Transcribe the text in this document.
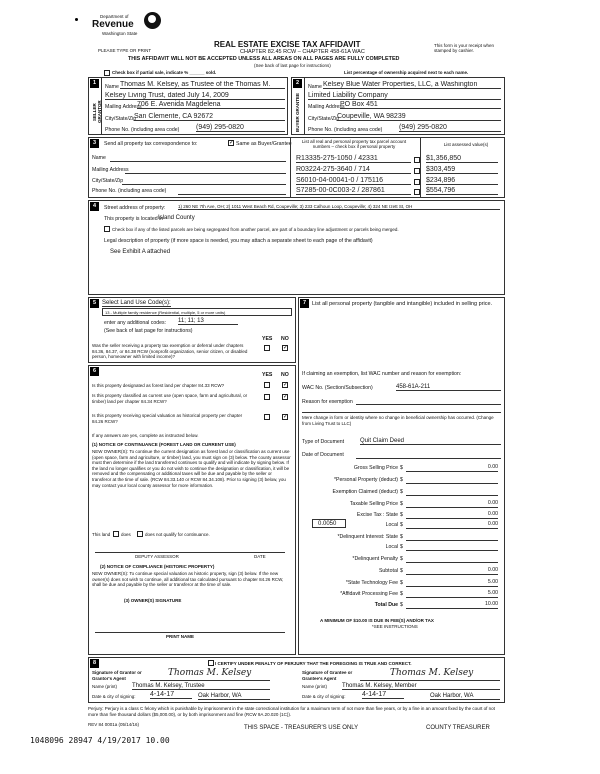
Department of
Revenue
Washington State
REAL ESTATE EXCISE TAX AFFIDAVIT
CHAPTER 82.45 RCW – CHAPTER 458-61A WAC
THIS AFFIDAVIT WILL NOT BE ACCEPTED UNLESS ALL AREAS ON ALL PAGES ARE FULLY COMPLETED
(See back of last page for instructions)
PLEASE TYPE OR PRINT
This form is your receipt when stamped by cashier.
Check box if partial sale, indicate % ______ sold.	List percentage of ownership acquired next to each name.
1
SELLER GRANTOR
Name Thomas M. Kelsey, as Trustee of the Thomas M.
Kelsey Living Trust, dated July 14, 2009
Mailing Address
706 E. Avenida Magdelena
City/State/Zip
San Clemente, CA 92672
Phone No. (including area code) (949) 295-0820
2
BUYER GRANTEE
Name Kelsey Blue Water Properties, LLC, a Washington
Limited Liability Company
Mailing Address
PO Box 451
City/State/Zip
Coupeville, WA 98239
Phone No. (including area code) (949) 295-0820
3	Send all property tax correspondence to:	✓ Same as Buyer/Grantee
Name
Mailing Address
City/State/Zip
Phone No. (including area code)
List all real and personal property tax parcel account numbers – check box if personal property	List assessed value(s)
R13335-275-1050 / 42331	$1,356,850
R03224-275-3640 / 714	$303,459
S6010-04-00041-0 / 175116	$234,896
S7285-00-0C003-2 / 287861	$554,796
4	Street address of property:	1) 260 NE 7th Ave, OH; 2) 1011 West Beach Rd, Coupeville; 3) 233 Calhoun Loop, Coupeville; 4) 324 NE Izett St, OH
This property is located in
Island County
Check box if any of the listed parcels are being segregated from another parcel, are part of a boundary line adjustment or parcels being merged.
Legal description of property (if more space is needed, you may attach a separate sheet to each page of the affidavit)
See Exhibit A attached
5 Select Land Use Code(s):
13 - Multiple family residence (Residential, multiple, 5 or more units)
enter any additional codes: 11; 11; 13
(See back of last page for instructions)
YES NO
Was the seller receiving a property tax exemption or deferral under chapters 84.36, 84.37, or 84.38 RCW (nonprofit organization, senior citizen, or disabled person, homeowner with limited income)?
✓
6
YES NO
Is this property designated as forest land per chapter 84.33 RCW?	✓
Is this property classified as current use (open space, farm and agricultural, or timber) land per chapter 84.34 RCW?
✓
Is this property receiving special valuation as historical property per chapter 84.26 RCW?
✓
If any answers are yes, complete as instructed below.
(1) NOTICE OF CONTINUANCE (FOREST LAND OR CURRENT USE)
NEW OWNER(S): To continue the current designation as forest land or classification as current use (open space, farm and agriculture, or timber) land, you must sign on (3) below. The county assessor must then determine if the land transferred continues to qualify and will indicate by signing below. If the land no longer qualifies or you do not wish to continue the designation or classification, it will be removed and the compensating or additional taxes will be due and payable by the seller or transferor at the time of sale. (RCW 84.33.140 or RCW 84.34.108). Prior to signing (3) below, you may contact your local county assessor for more information.
This land does	does not qualify for continuance.
DEPUTY ASSESSOR	DATE
(2) NOTICE OF COMPLIANCE (HISTORIC PROPERTY)
NEW OWNER(S): To continue special valuation as historic property, sign (3) below. If the new owner(s) does not wish to continue, all additional tax calculated pursuant to chapter 84.26 RCW, shall be due and payable by the seller or transferor at the time of sale.
(3) OWNER(S) SIGNATURE
PRINT NAME
7	List all personal property (tangible and intangible) included in selling price.
If claiming an exemption, list WAC number and reason for exemption:
WAC No. (Section/Subsection)	458-61A-211
Reason for exemption
Mere change in form or identity where no change in beneficial ownership has occurred. (Change from Living Trust to LLC)
Type of Document	Quit Claim Deed
Date of Document
Gross Selling Price $	0.00
*Personal Property (deduct) $
Exemption Claimed (deduct) $
Taxable Selling Price $	0.00
Excise Tax : State $	0.00
0.0050	Local $	0.00
*Delinquent Interest: State $
Local $
*Delinquent Penalty $
Subtotal $	0.00
*State Technology Fee $	5.00
*Affidavit Processing Fee $	5.00
Total Due $	10.00
A MINIMUM OF $10.00 IS DUE IN FEE(S) AND/OR TAX
*SEE INSTRUCTIONS
8	I CERTIFY UNDER PENALTY OF PERJURY THAT THE FOREGOING IS TRUE AND CORRECT.
Signature of Grantor or Grantor's Agent	Thomas M. Kelsey
Name (print) Thomas M. Kelsey, Trustee
Date & city of signing: 4-14-17	Oak Harbor, WA
Signature of Grantee or Grantee's Agent	Thomas M. Kelsey
Name (print) Thomas M. Kelsey, Member
Date & city of signing: 4-14-17	Oak Harbor, WA
Perjury: Perjury is a class C felony which is punishable by imprisonment in the state correctional institution for a maximum term of not more than five years, or by a fine in an amount fixed by the court of not more than five thousand dollars ($5,000.00), or by both imprisonment and fine (RCW 9A.20.020 (1C)).
REV 84 0001a (05/14/16)
THIS SPACE - TREASURER'S USE ONLY	COUNTY TREASURER
1048096 28947 4/19/2017 10.00
